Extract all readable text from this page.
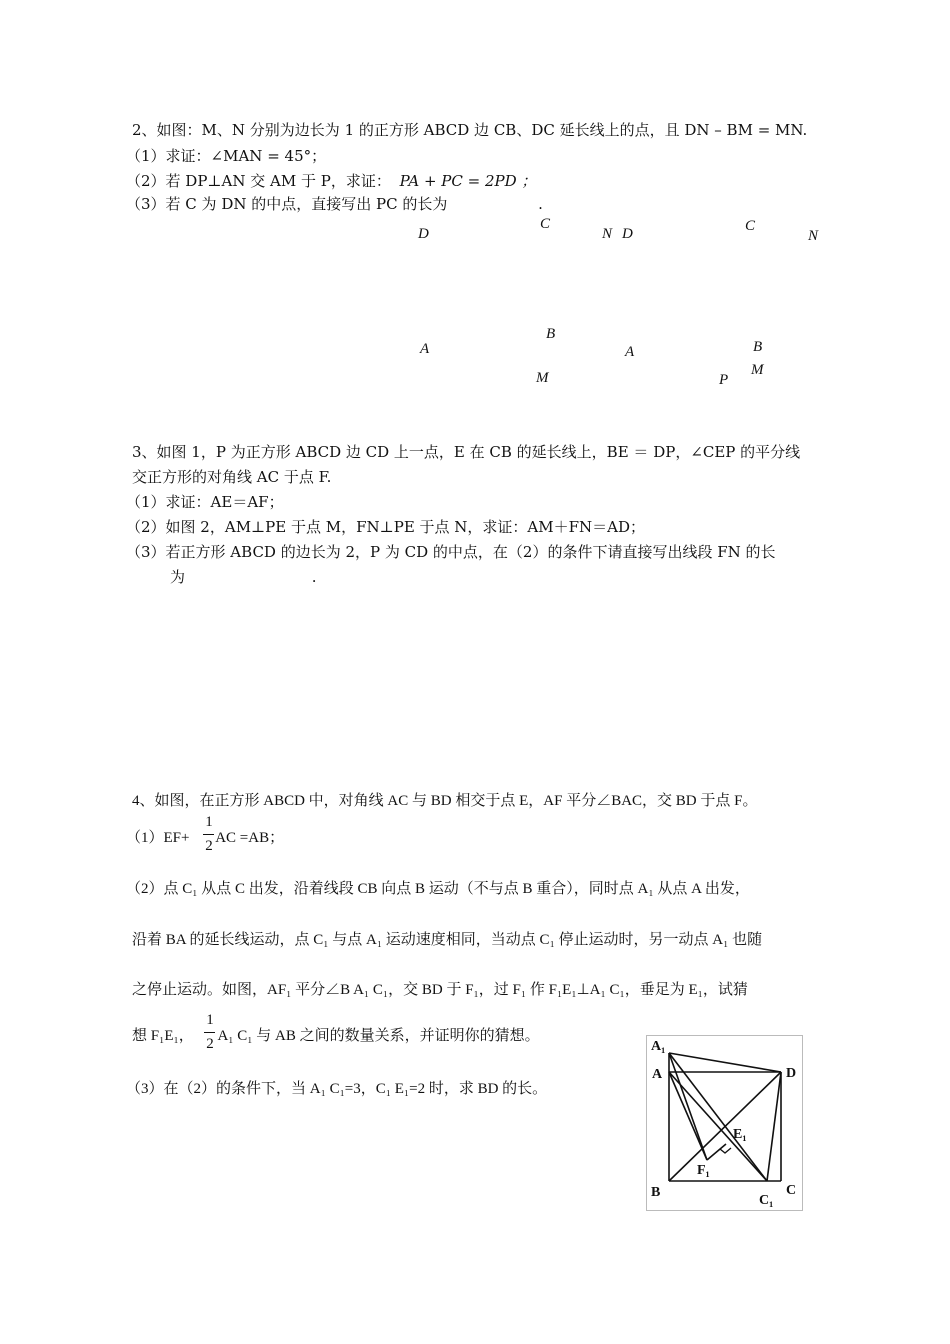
2、如图：M、N 分别为边长为 1 的正方形 ABCD 边 CB、DC 延长线上的点，且 DN – BM = MN.
（1）求证：∠MAN = 45°；
（2）若 DP⊥AN 交 AM 于 P，求证： PA + PC = 2PD ；
（3）若 C 为 DN 的中点，直接写出 PC 的长为	.
D
C
N D	C
N
A
B
M
A	B
M
P
3、如图 1，P 为正方形 ABCD 边 CD 上一点，E 在 CB 的延长线上，BE ＝ DP，∠CEP 的平分线
交正方形的对角线 AC 于点 F.
（1）求证：AE＝AF；
（2）如图 2，AM⊥PE 于点 M，FN⊥PE 于点 N，求证：AM＋FN＝AD；
（3）若正方形 ABCD 的边长为 2，P 为 CD 的中点，在（2）的条件下请直接写出线段 FN 的长
为	.
4、如图，在正方形 ABCD 中，对角线 AC 与 BD 相交于点 E，AF 平分∠BAC，交 BD 于点 F。
（1）EF+ AC =AB；
1
2
（2）点 C₁ 从点 C 出发，沿着线段 CB 向点 B 运动（不与点 B 重合），同时点 A₁ 从点 A 出发，
沿着 BA 的延长线运动，点 C₁ 与点 A₁ 运动速度相同，当动点 C₁ 停止运动时，另一动点 A₁ 也随
之停止运动。如图，AF₁ 平分∠B A₁ C₁，交 BD 于 F₁，过 F₁ 作 F₁E₁⊥A₁ C₁，垂足为 E₁，试猜
想 F₁E₁， A₁ C₁ 与 AB 之间的数量关系，并证明你的猜想。
1
2
（3）在（2）的条件下，当 A₁ C₁=3，C₁ E₁=2 时，求 BD 的长。
A₁
A	D
E₁
F₁
B
C₁
C
